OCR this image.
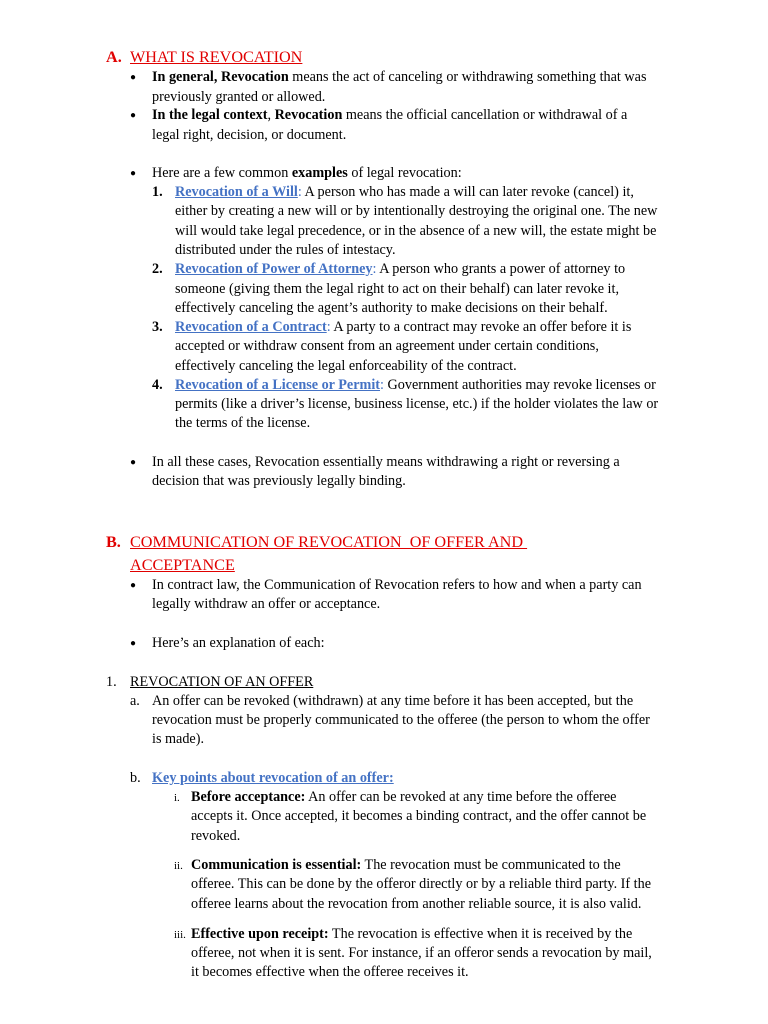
A. WHAT IS REVOCATION
● In general, Revocation means the act of canceling or withdrawing something that was
previously granted or allowed.
● In the legal context, Revocation means the official cancellation or withdrawal of a
legal right, decision, or document.
● Here are a few common examples of legal revocation:
1. Revocation of a Will: A person who has made a will can later revoke (cancel) it,
either by creating a new will or by intentionally destroying the original one. The new
will would take legal precedence, or in the absence of a new will, the estate might be
distributed under the rules of intestacy.
2. Revocation of Power of Attorney: A person who grants a power of attorney to
someone (giving them the legal right to act on their behalf) can later revoke it,
effectively canceling the agent’s authority to make decisions on their behalf.
3. Revocation of a Contract: A party to a contract may revoke an offer before it is
accepted or withdraw consent from an agreement under certain conditions,
effectively canceling the legal enforceability of the contract.
4. Revocation of a License or Permit: Government authorities may revoke licenses or
permits (like a driver’s license, business license, etc.) if the holder violates the law or
the terms of the license.
● In all these cases, Revocation essentially means withdrawing a right or reversing a
decision that was previously legally binding.
B. COMMUNICATION OF REVOCATION  OF OFFER AND
ACCEPTANCE
● In contract law, the Communication of Revocation refers to how and when a party can
legally withdraw an offer or acceptance.
● Here’s an explanation of each:
1. REVOCATION OF AN OFFER
a. An offer can be revoked (withdrawn) at any time before it has been accepted, but the
revocation must be properly communicated to the offeree (the person to whom the offer
is made).
b. Key points about revocation of an offer:
i. Before acceptance: An offer can be revoked at any time before the offeree
accepts it. Once accepted, it becomes a binding contract, and the offer cannot be
revoked.
ii. Communication is essential: The revocation must be communicated to the
offeree. This can be done by the offeror directly or by a reliable third party. If the
offeree learns about the revocation from another reliable source, it is also valid.
iii. Effective upon receipt: The revocation is effective when it is received by the
offeree, not when it is sent. For instance, if an offeror sends a revocation by mail,
it becomes effective when the offeree receives it.
